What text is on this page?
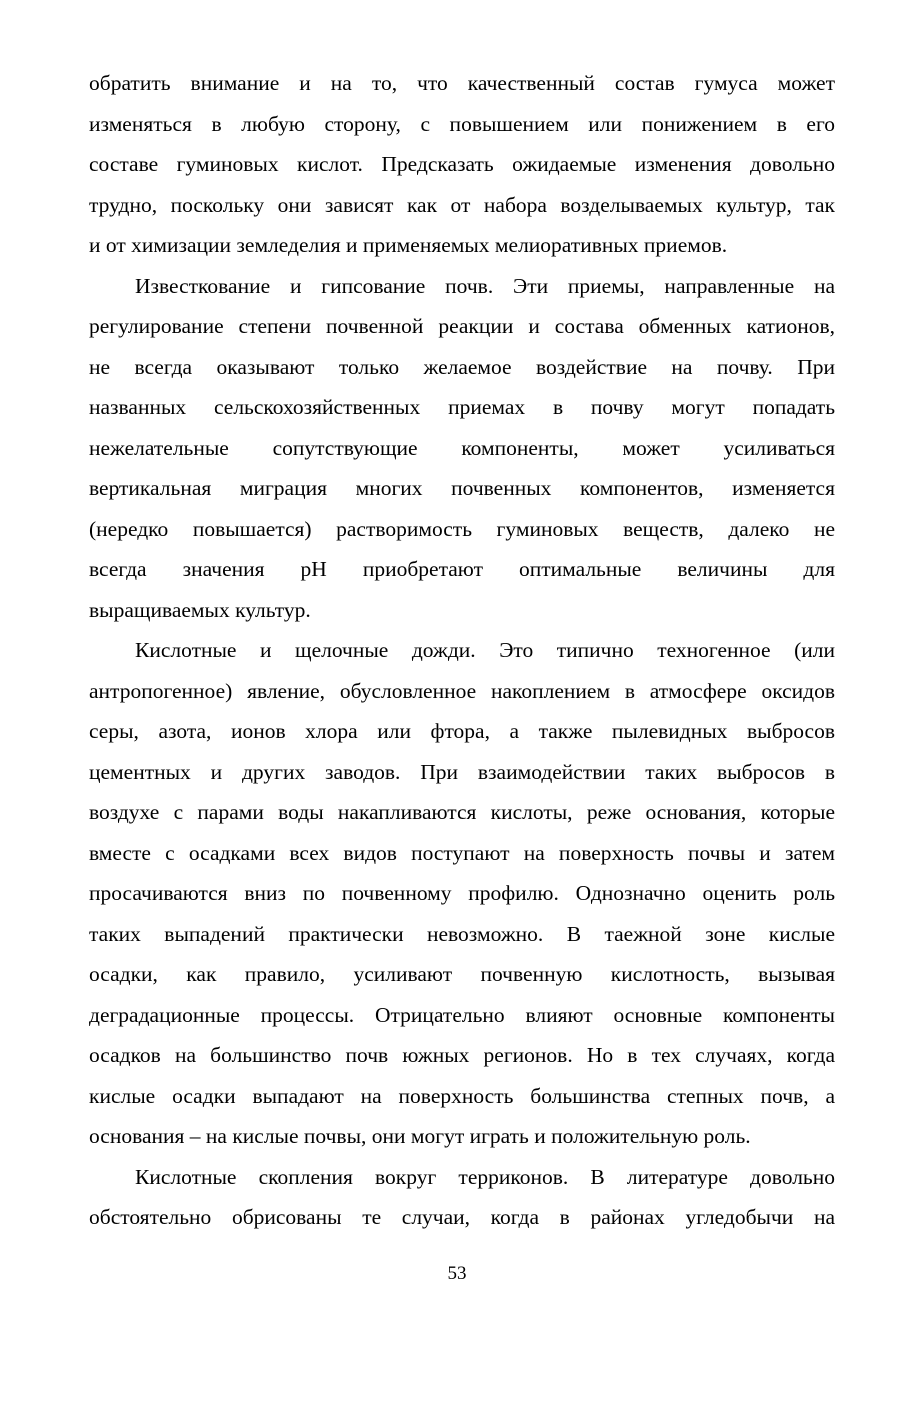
обратить внимание и на то, что качественный состав гумуса может
изменяться в любую сторону, с повышением или понижением в его
составе гуминовых кислот. Предсказать ожидаемые изменения довольно
трудно, поскольку они зависят как от набора возделываемых культур, так
и от химизации земледелия и применяемых мелиоративных приемов.
Известкование и гипсование почв. Эти приемы, направленные на
регулирование степени почвенной реакции и состава обменных катионов,
не всегда оказывают только желаемое воздействие на почву. При
названных сельскохозяйственных приемах в почву могут попадать
нежелательные сопутствующие компоненты, может усиливаться
вертикальная миграция многих почвенных компонентов, изменяется
(нередко повышается) растворимость гуминовых веществ, далеко не
всегда значения pH приобретают оптимальные величины для
выращиваемых культур.
Кислотные и щелочные дожди. Это типично техногенное (или
антропогенное) явление, обусловленное накоплением в атмосфере оксидов
серы, азота, ионов хлора или фтора, а также пылевидных выбросов
цементных и других заводов. При взаимодействии таких выбросов в
воздухе с парами воды накапливаются кислоты, реже основания, которые
вместе с осадками всех видов поступают на поверхность почвы и затем
просачиваются вниз по почвенному профилю. Однозначно оценить роль
таких выпадений практически невозможно. В таежной зоне кислые
осадки, как правило, усиливают почвенную кислотность, вызывая
деградационные процессы. Отрицательно влияют основные компоненты
осадков на большинство почв южных регионов. Но в тех случаях, когда
кислые осадки выпадают на поверхность большинства степных почв, а
основания – на кислые почвы, они могут играть и положительную роль.
Кислотные скопления вокруг терриконов. В литературе довольно
обстоятельно обрисованы те случаи, когда в районах угледобычи на
53
